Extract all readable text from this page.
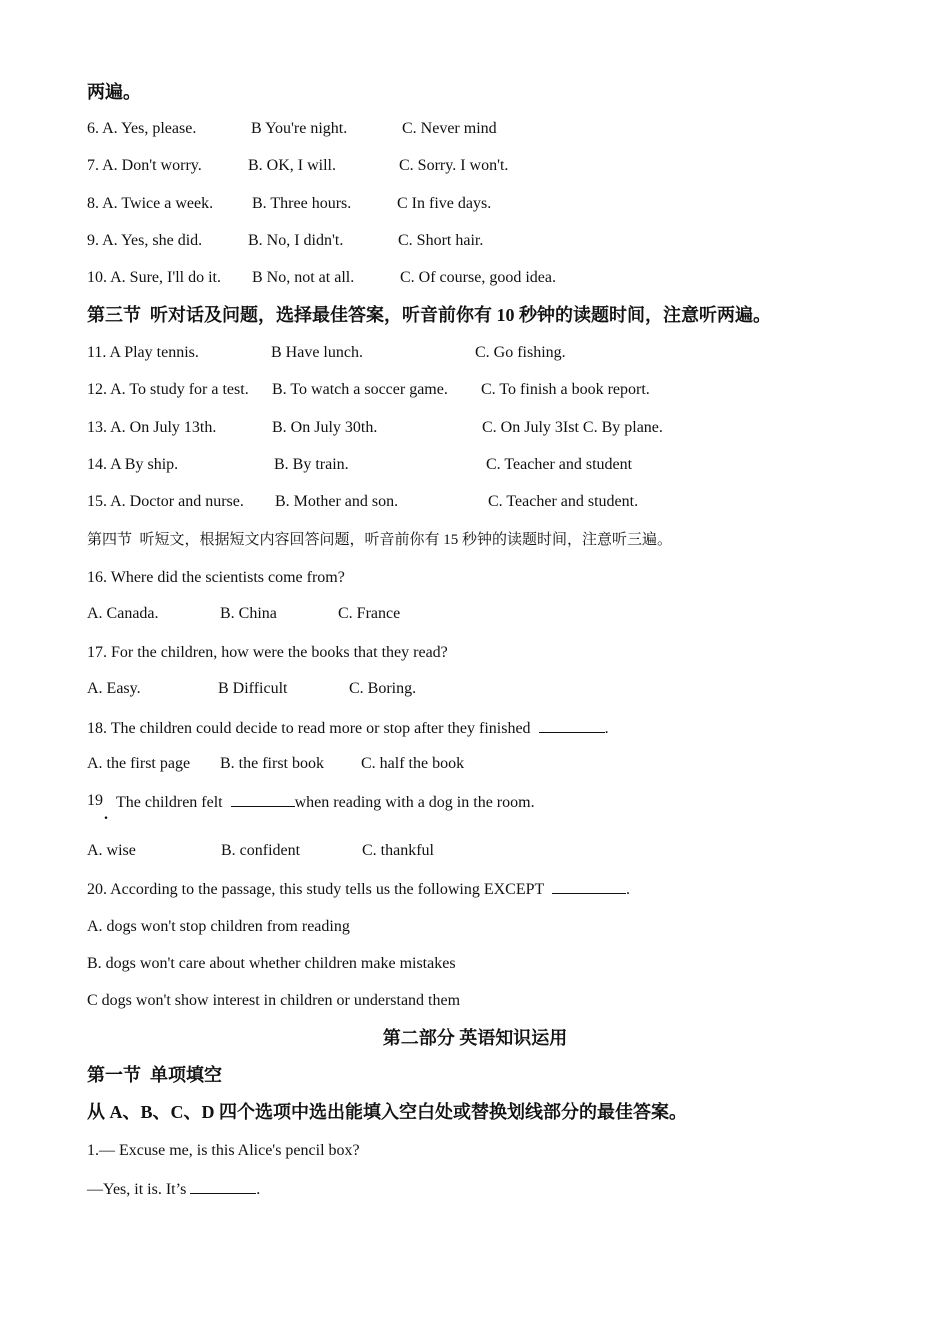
两遍。
6. A. Yes, please.	B You're night.	C. Never mind
7. A. Don't worry.	B. OK, I will.	C. Sorry. I won't.
8. A. Twice a week. B. Three hours.	C In five days.
9. A. Yes, she did.	B. No, I didn't.	C. Short hair.
10. A. Sure, I'll do it. B No, not at all.	C. Of course, good idea.
第三节  听对话及问题，选择最佳答案，听音前你有 10 秒钟的读题时间，注意听两遍。
11. A Play tennis.	B Have lunch.	C. Go fishing.
12. A. To study for a test. B. To watch a soccer game. C. To finish a book report.
13. A. On July 13th.	B. On July 30th.	C. On July 3Ist C. By plane.
14. A By ship.	B. By train.	C. Teacher and student
15. A. Doctor and nurse. B. Mother and son.	C. Teacher and student.
第四节  听短文，根据短文内容回答问题，听音前你有 15 秒钟的读题时间，注意听三遍。
16. Where did the scientists come from?
A. Canada.	B. China	C. France
17. For the children, how were the books that they read?
A. Easy.	B Difficult	C. Boring.
18. The children could decide to read more or stop after they finished	.
A. the first page B. the first book C. half the book
19 The children felt	when reading with a dog in the room.
.
A. wise	B. confident	C. thankful
20. According to the passage, this study tells us the following EXCEPT	.
A. dogs won't stop children from reading
B. dogs won't care about whether children make mistakes
C dogs won't show interest in children or understand them
第二部分 英语知识运用
第一节  单项填空
从 A、B、C、D 四个选项中选出能填入空白处或替换划线部分的最佳答案。
1.— Excuse me, is this Alice's pencil box?
—Yes, it is. It’s	.
